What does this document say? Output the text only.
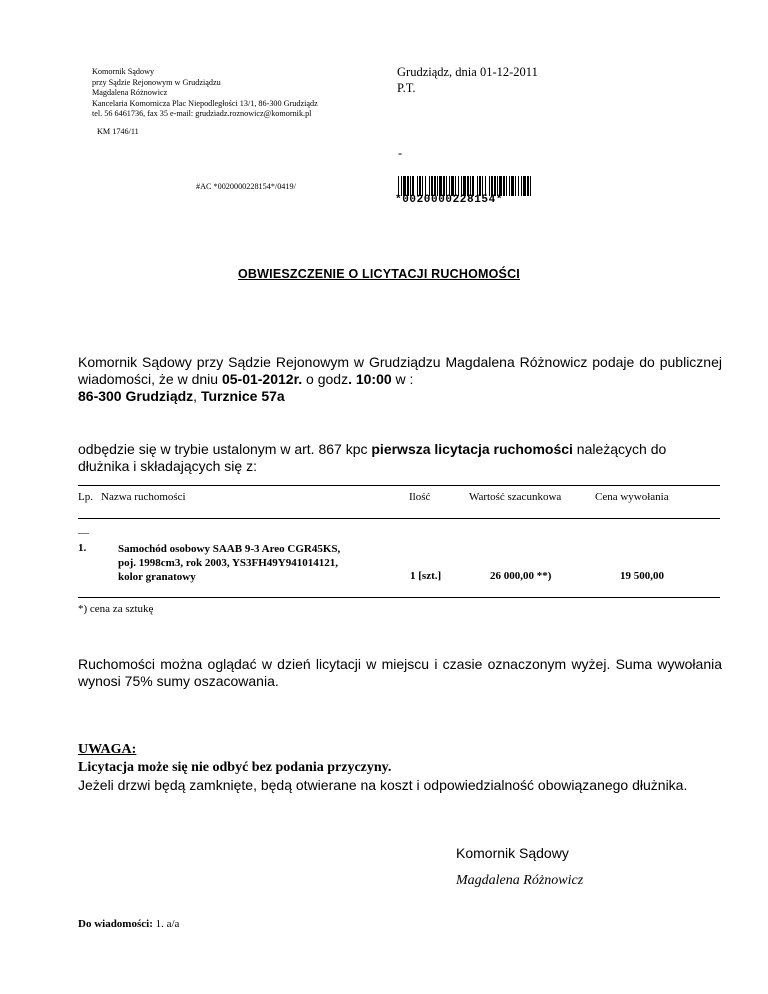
Komornik Sądowy
przy Sądzie Rejonowym w Grudziądzu
Magdalena Różnowicz
Kancelaria Komornicza Plac Niepodległości 13/1, 86-300 Grudziądz
tel. 56 6461736, fax 35 e-mail: grudziadz.roznowicz@komornik.pl
KM 1746/11
Grudziądz, dnia 01-12-2011
P.T.
-
#AC *0020000228154*/0419/
*0020000228154*
OBWIESZCZENIE O LICYTACJI RUCHOMOŚCI
Komornik Sądowy przy Sądzie Rejonowym w Grudziądzu Magdalena Różnowicz podaje do publicznej wiadomości, że w dniu 05-01-2012r. o godz. 10:00 w :
86-300 Grudziądz, Turznice 57a
odbędzie się w trybie ustalonym w art. 867 kpc pierwsza licytacja ruchomości należących do dłużnika i składających się z:
Lp. Nazwa ruchomości	Ilość	Wartość szacunkowa	Cena wywołania
__
1.	Samochód osobowy SAAB 9-3 Areo CGR45KS,
poj. 1998cm3, rok 2003, YS3FH49Y941014121,
kolor granatowy	1 [szt.]	26 000,00 **)	19 500,00
*) cena za sztukę
Ruchomości można oglądać w dzień licytacji w miejscu i czasie oznaczonym wyżej. Suma wywołania wynosi 75% sumy oszacowania.
UWAGA:
Licytacja może się nie odbyć bez podania przyczyny.
Jeżeli drzwi będą zamknięte, będą otwierane na koszt i odpowiedzialność obowiązanego dłużnika.
Komornik Sądowy
Magdalena Różnowicz
Do wiadomości: 1. a/a
